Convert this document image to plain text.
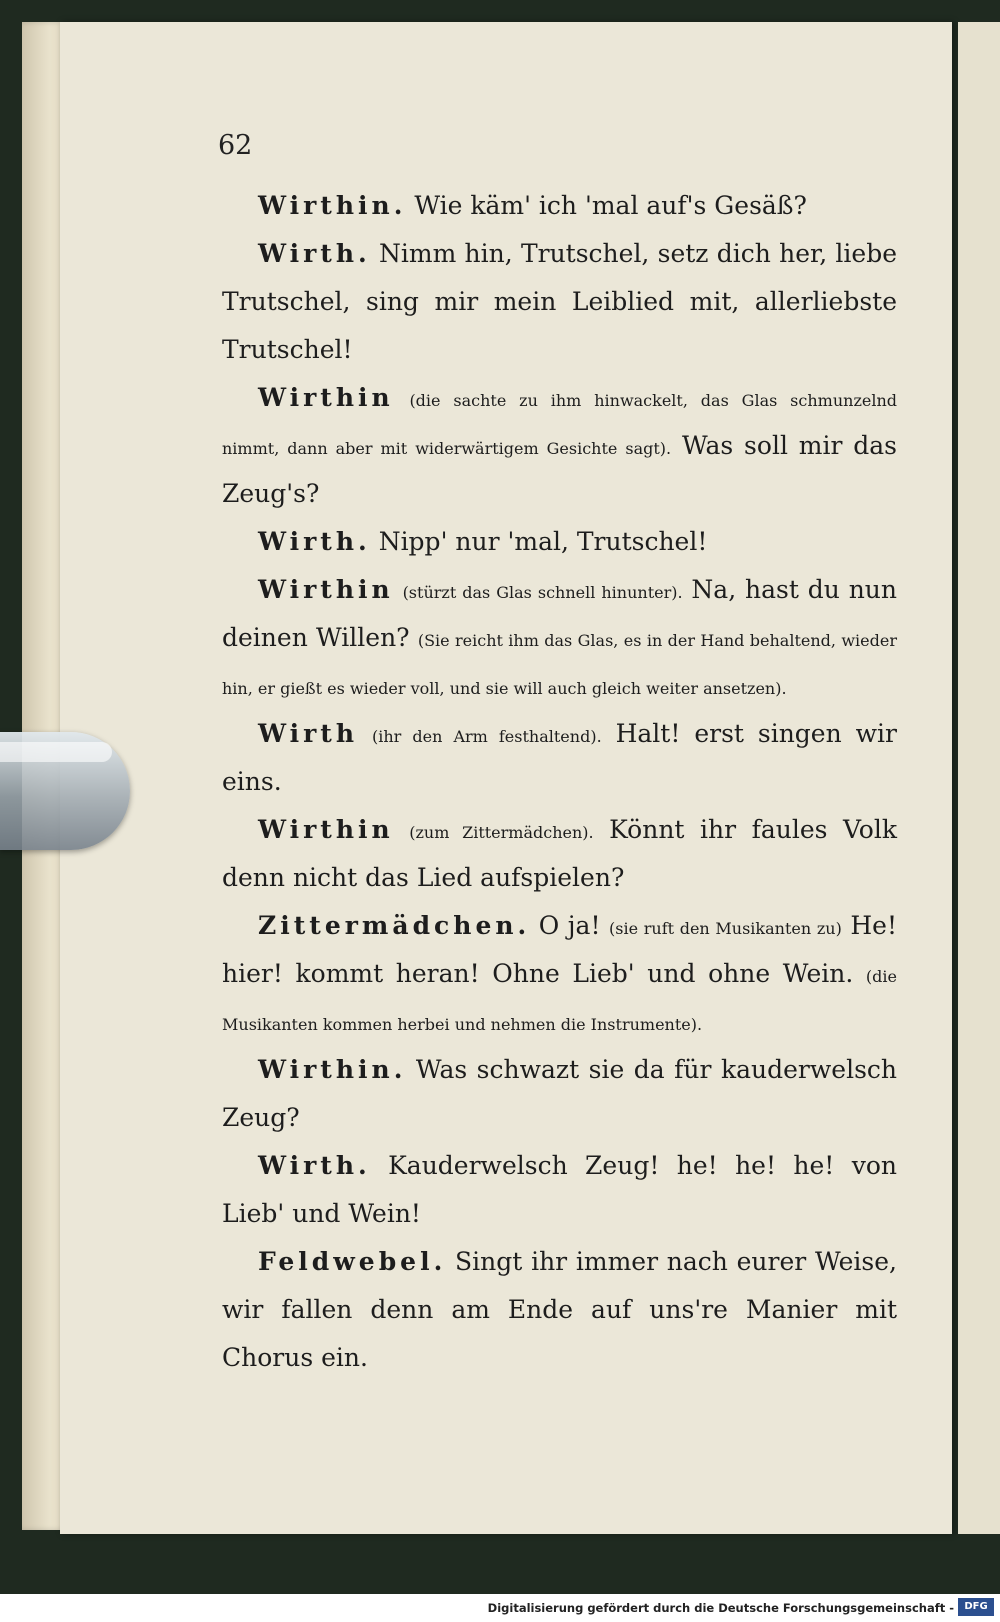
62

Wirthin. Wie käm' ich 'mal auf's Gesäß?

Wirth. Nimm hin, Trutschel, setz dich her, liebe Trutschel, sing mir mein Leiblied mit, allerliebste Trutschel!

Wirthin (die sachte zu ihm hinwackelt, das Glas schmunzelnd nimmt, dann aber mit widerwärtigem Gesichte sagt). Was soll mir das Zeug's?

Wirth. Nipp' nur 'mal, Trutschel!

Wirthin (stürzt das Glas schnell hinunter). Na, hast du nun deinen Willen? (Sie reicht ihm das Glas, es in der Hand behaltend, wieder hin, er gießt es wieder voll, und sie will auch gleich weiter ansetzen).

Wirth (ihr den Arm festhaltend). Halt! erst singen wir eins.

Wirthin (zum Zittermädchen). Könnt ihr faules Volk denn nicht das Lied aufspielen?

Zittermädchen. O ja! (sie ruft den Musikanten zu) He! hier! kommt heran! Ohne Lieb' und ohne Wein. (die Musikanten kommen herbei und nehmen die Instrumente).

Wirthin. Was schwazt sie da für kauderwelsch Zeug?

Wirth. Kauderwelsch Zeug! he! he! he! von Lieb' und Wein!

Feldwebel. Singt ihr immer nach eurer Weise, wir fallen denn am Ende auf uns're Manier mit Chorus ein.

Digitalisierung gefördert durch die Deutsche Forschungsgemeinschaft -	DFG
